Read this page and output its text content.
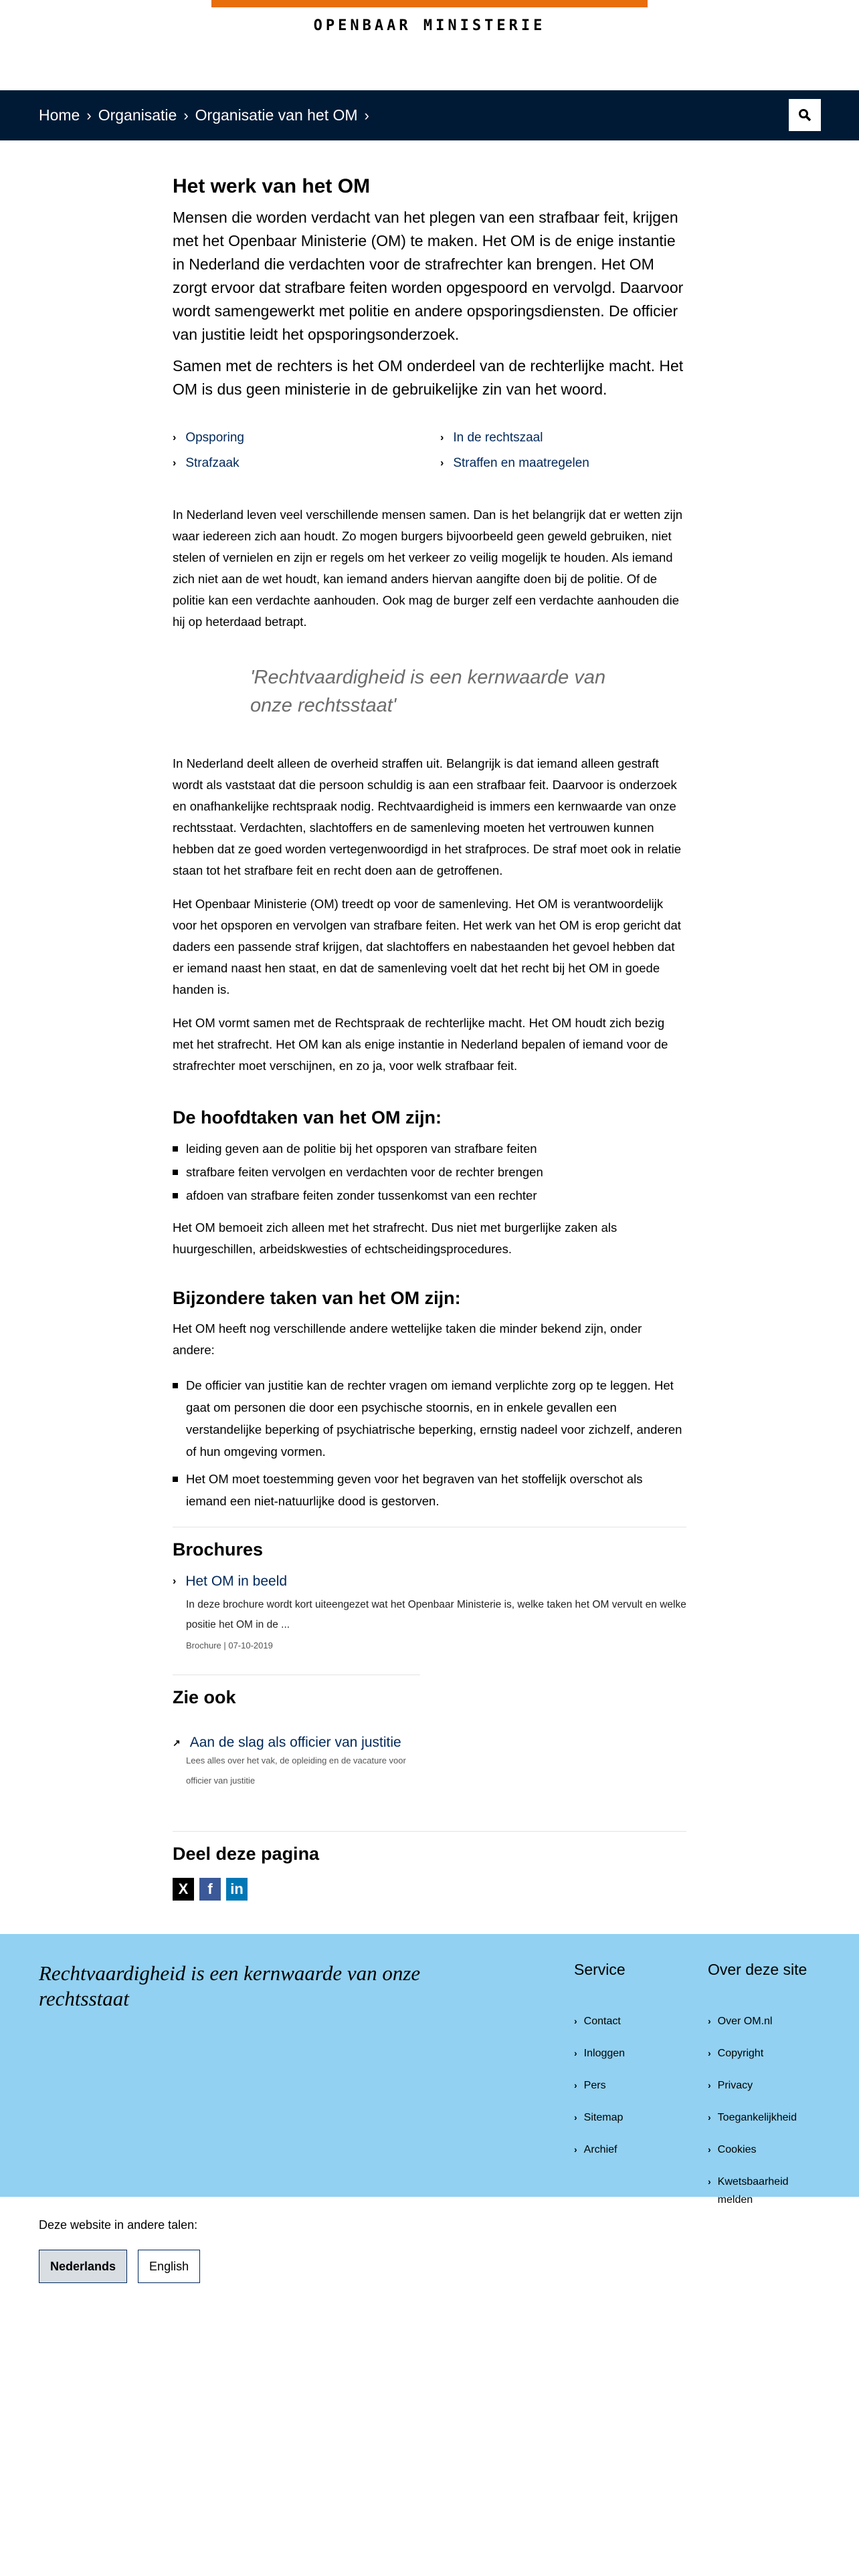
OPENBAAR MINISTERIE
Home › Organisatie › Organisatie van het OM ›
Het werk van het OM

Mensen die worden verdacht van het plegen van een strafbaar feit, krijgen met het Openbaar Ministerie (OM) te maken. Het OM is de enige instantie in Nederland die verdachten voor de strafrechter kan brengen. Het OM zorgt ervoor dat strafbare feiten worden opgespoord en vervolgd. Daarvoor wordt samengewerkt met politie en andere opsporingsdiensten. De officier van justitie leidt het opsporingsonderzoek.

Samen met de rechters is het OM onderdeel van de rechterlijke macht. Het OM is dus geen ministerie in de gebruikelijke zin van het woord.

› Opsporing	› In de rechtszaal
› Strafzaak	› Straffen en maatregelen

In Nederland leven veel verschillende mensen samen. Dan is het belangrijk dat er wetten zijn waar iedereen zich aan houdt. Zo mogen burgers bijvoorbeeld geen geweld gebruiken, niet stelen of vernielen en zijn er regels om het verkeer zo veilig mogelijk te houden. Als iemand zich niet aan de wet houdt, kan iemand anders hiervan aangifte doen bij de politie. Of de politie kan een verdachte aanhouden. Ook mag de burger zelf een verdachte aanhouden die hij op heterdaad betrapt.

'Rechtvaardigheid is een kernwaarde van onze rechtsstaat'

In Nederland deelt alleen de overheid straffen uit. Belangrijk is dat iemand alleen gestraft wordt als vaststaat dat die persoon schuldig is aan een strafbaar feit. Daarvoor is onderzoek en onafhankelijke rechtspraak nodig. Rechtvaardigheid is immers een kernwaarde van onze rechtsstaat. Verdachten, slachtoffers en de samenleving moeten het vertrouwen kunnen hebben dat ze goed worden vertegenwoordigd in het strafproces. De straf moet ook in relatie staan tot het strafbare feit en recht doen aan de getroffenen.

Het Openbaar Ministerie (OM) treedt op voor de samenleving. Het OM is verantwoordelijk voor het opsporen en vervolgen van strafbare feiten. Het werk van het OM is erop gericht dat daders een passende straf krijgen, dat slachtoffers en nabestaanden het gevoel hebben dat er iemand naast hen staat, en dat de samenleving voelt dat het recht bij het OM in goede handen is.

Het OM vormt samen met de Rechtspraak de rechterlijke macht. Het OM houdt zich bezig met het strafrecht. Het OM kan als enige instantie in Nederland bepalen of iemand voor de strafrechter moet verschijnen, en zo ja, voor welk strafbaar feit.

De hoofdtaken van het OM zijn:
leiding geven aan de politie bij het opsporen van strafbare feiten
strafbare feiten vervolgen en verdachten voor de rechter brengen
afdoen van strafbare feiten zonder tussenkomst van een rechter

Het OM bemoeit zich alleen met het strafrecht. Dus niet met burgerlijke zaken als huurgeschillen, arbeidskwesties of echtscheidingsprocedures.

Bijzondere taken van het OM zijn:

Het OM heeft nog verschillende andere wettelijke taken die minder bekend zijn, onder andere:

De officier van justitie kan de rechter vragen om iemand verplichte zorg op te leggen. Het gaat om personen die door een psychische stoornis, en in enkele gevallen een verstandelijke beperking of psychiatrische beperking, ernstig nadeel voor zichzelf, anderen of hun omgeving vormen.
Het OM moet toestemming geven voor het begraven van het stoffelijk overschot als iemand een niet-natuurlijke dood is gestorven.
Brochures
› Het OM in beeld
In deze brochure wordt kort uiteengezet wat het Openbaar Ministerie is, welke taken het OM vervult en welke positie het OM in de ...
Brochure | 07-10-2019
Zie ook
↗ Aan de slag als officier van justitie
Lees alles over het vak, de opleiding en de vacature voor officier van justitie
Deel deze pagina
X	f	in
Rechtvaardigheid is een kernwaarde van onze rechtsstaat
Service
› Contact
› Inloggen
› Pers
› Sitemap
› Archief
Over deze site
› Over OM.nl
› Copyright
› Privacy
› Toegankelijkheid
› Cookies
› Kwetsbaarheid melden
Deze website in andere talen:
Nederlands	English
